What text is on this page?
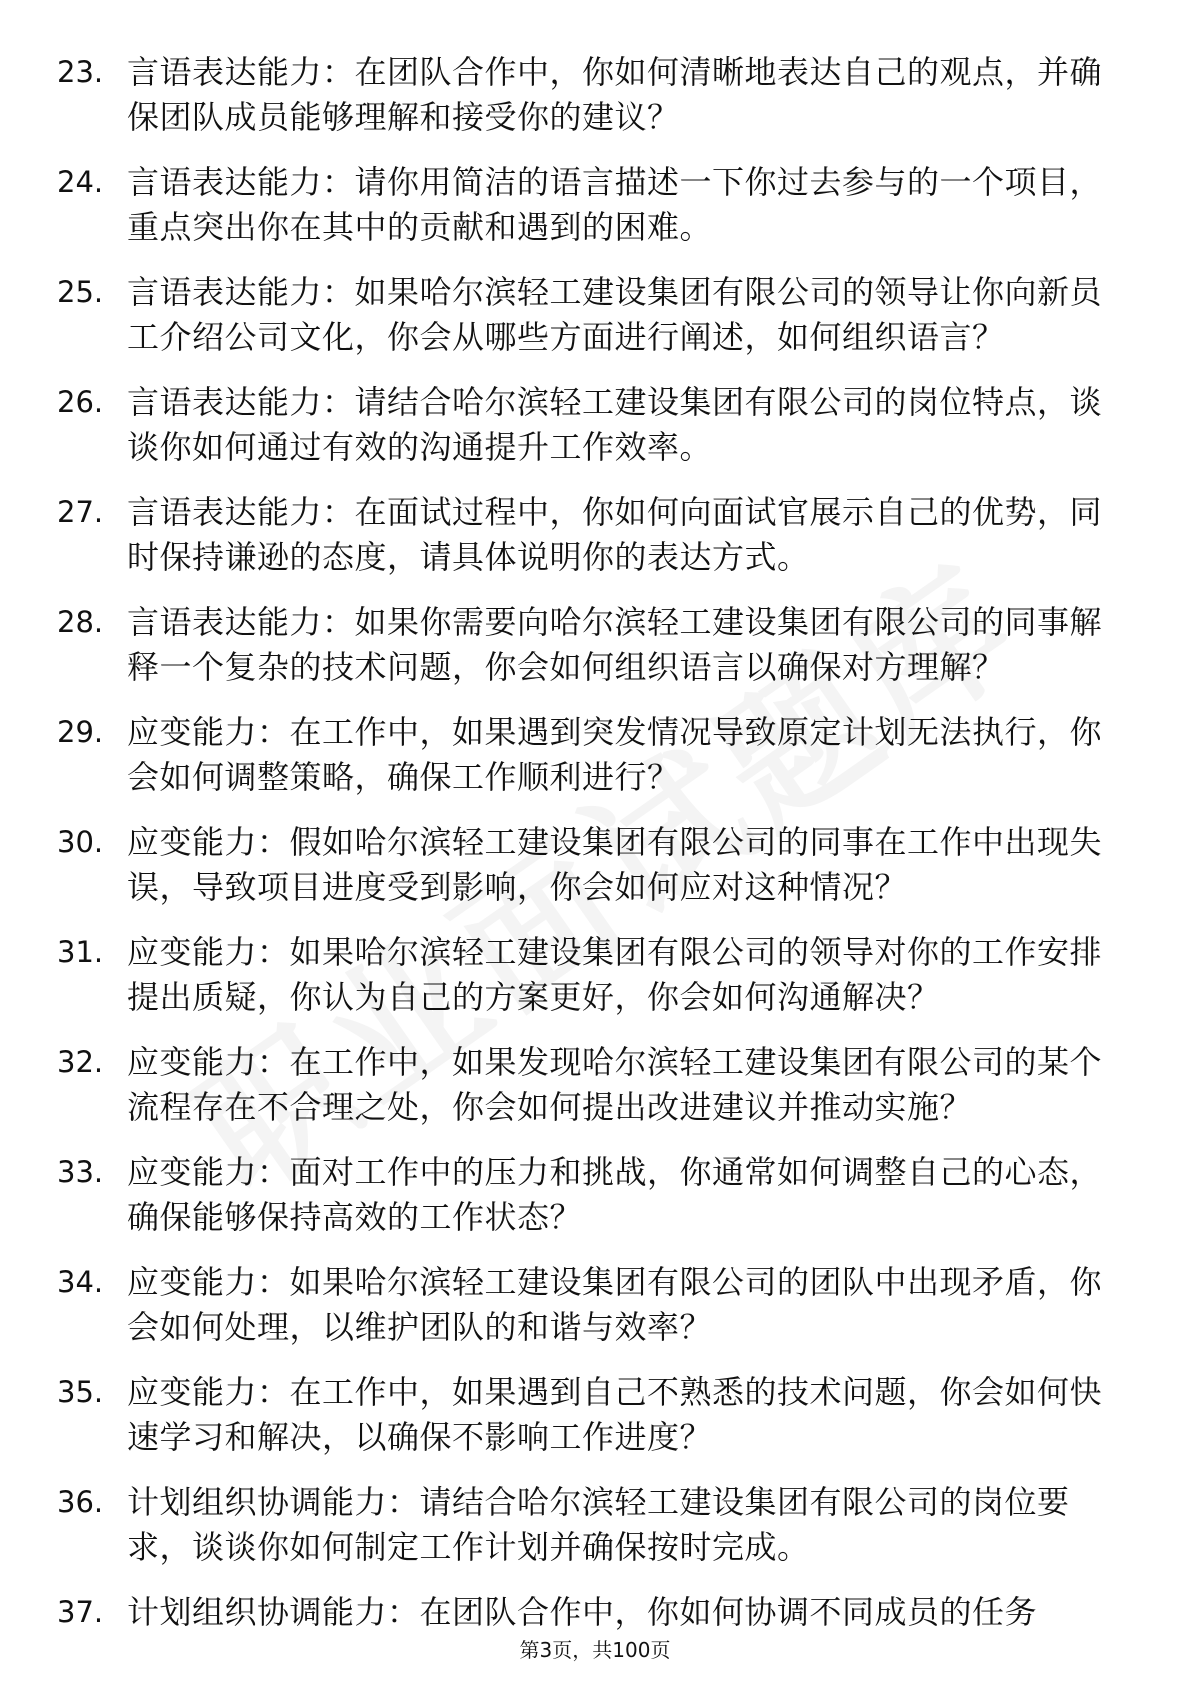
23. 言语表达能力：在团队合作中，你如何清晰地表达自己的观点，并确保团队成员能够理解和接受你的建议？
24. 言语表达能力：请你用简洁的语言描述一下你过去参与的一个项目，重点突出你在其中的贡献和遇到的困难。
25. 言语表达能力：如果哈尔滨轻工建设集团有限公司的领导让你向新员工介绍公司文化，你会从哪些方面进行阐述，如何组织语言？
26. 言语表达能力：请结合哈尔滨轻工建设集团有限公司的岗位特点，谈谈你如何通过有效的沟通提升工作效率。
27. 言语表达能力：在面试过程中，你如何向面试官展示自己的优势，同时保持谦逊的态度，请具体说明你的表达方式。
28. 言语表达能力：如果你需要向哈尔滨轻工建设集团有限公司的同事解释一个复杂的技术问题，你会如何组织语言以确保对方理解？
29. 应变能力：在工作中，如果遇到突发情况导致原定计划无法执行，你会如何调整策略，确保工作顺利进行？
30. 应变能力：假如哈尔滨轻工建设集团有限公司的同事在工作中出现失误，导致项目进度受到影响，你会如何应对这种情况？
31. 应变能力：如果哈尔滨轻工建设集团有限公司的领导对你的工作安排提出质疑，你认为自己的方案更好，你会如何沟通解决？
32. 应变能力：在工作中，如果发现哈尔滨轻工建设集团有限公司的某个流程存在不合理之处，你会如何提出改进建议并推动实施？
33. 应变能力：面对工作中的压力和挑战，你通常如何调整自己的心态，确保能够保持高效的工作状态？
34. 应变能力：如果哈尔滨轻工建设集团有限公司的团队中出现矛盾，你会如何处理，以维护团队的和谐与效率？
35. 应变能力：在工作中，如果遇到自己不熟悉的技术问题，你会如何快速学习和解决，以确保不影响工作进度？
36. 计划组织协调能力：请结合哈尔滨轻工建设集团有限公司的岗位要求，谈谈你如何制定工作计划并确保按时完成。
37. 计划组织协调能力：在团队合作中，你如何协调不同成员的任务
第3页，共100页
